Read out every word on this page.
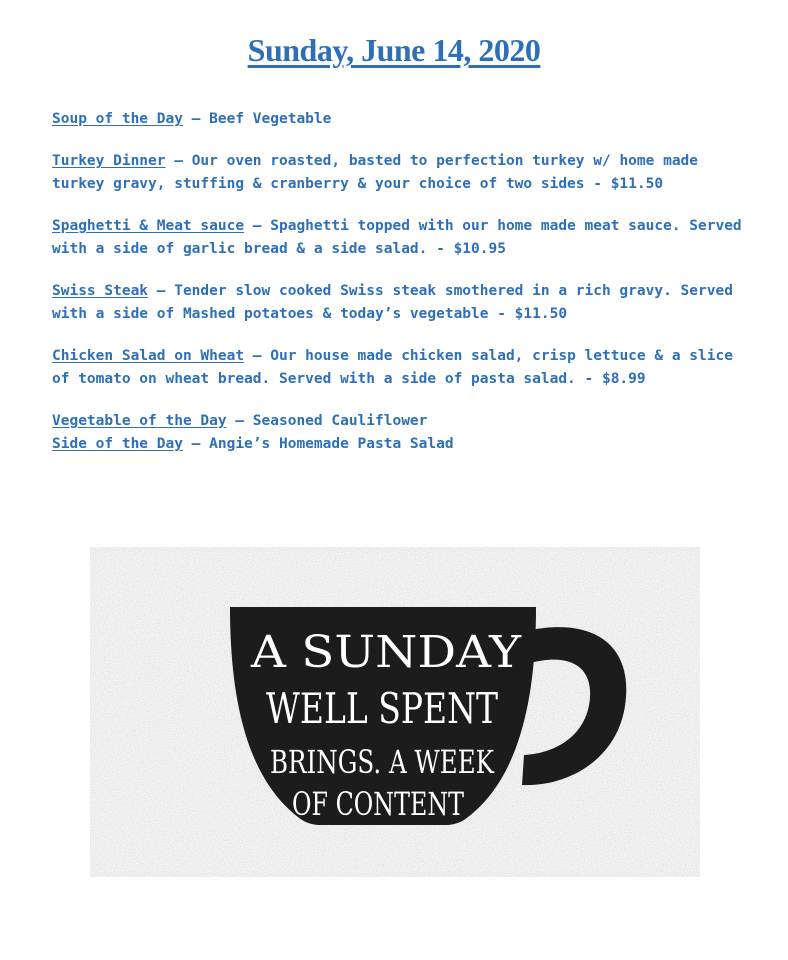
Sunday, June 14, 2020

Soup of the Day – Beef Vegetable

Turkey Dinner – Our oven roasted, basted to perfection turkey w/ home made turkey gravy, stuffing & cranberry & your choice of two sides - $11.50

Spaghetti & Meat sauce – Spaghetti topped with our home made meat sauce. Served with a side of garlic bread & a side salad. - $10.95

Swiss Steak – Tender slow cooked Swiss steak smothered in a rich gravy. Served with a side of Mashed potatoes & today’s vegetable - $11.50

Chicken Salad on Wheat – Our house made chicken salad, crisp lettuce & a slice of tomato on wheat bread. Served with a side of pasta salad. - $8.99

Vegetable of the Day – Seasoned Cauliflower

Side of the Day – Angie’s Homemade Pasta Salad

A SUNDAY
WELL SPENT
BRINGS. A WEEK
OF CONTENT
